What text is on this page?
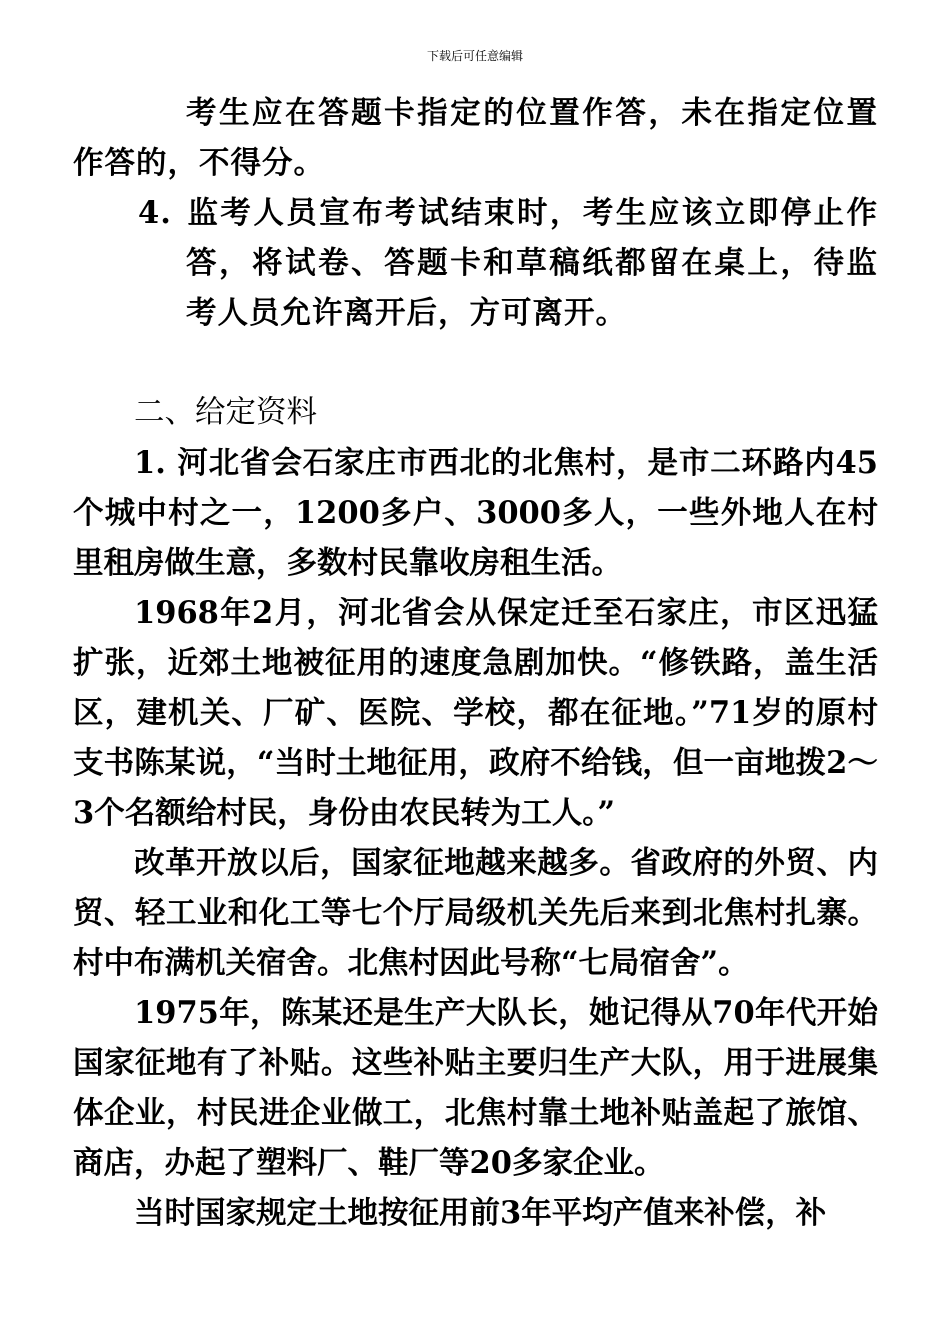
下载后可任意编辑

考生应在答题卡指定的位置作答，未在指定位置作答的，不得分。

4. 监考人员宣布考试结束时，考生应该立即停止作答，将试卷、答题卡和草稿纸都留在桌上，待监考人员允许离开后，方可离开。

二、给定资料

1. 河北省会石家庄市西北的北焦村，是市二环路内45个城中村之一，1200多户、3000多人，一些外地人在村里租房做生意，多数村民靠收房租生活。

1968年2月，河北省会从保定迁至石家庄，市区迅猛扩张，近郊土地被征用的速度急剧加快。“修铁路，盖生活区，建机关、厂矿、医院、学校，都在征地。”71岁的原村支书陈某说，“当时土地征用，政府不给钱，但一亩地拨2～3个名额给村民，身份由农民转为工人。”

改革开放以后，国家征地越来越多。省政府的外贸、内贸、轻工业和化工等七个厅局级机关先后来到北焦村扎寨。村中布满机关宿舍。北焦村因此号称“七局宿舍”。

1975年，陈某还是生产大队长，她记得从70年代开始国家征地有了补贴。这些补贴主要归生产大队，用于进展集体企业，村民进企业做工，北焦村靠土地补贴盖起了旅馆、商店，办起了塑料厂、鞋厂等20多家企业。

当时国家规定土地按征用前3年平均产值来补偿，补
